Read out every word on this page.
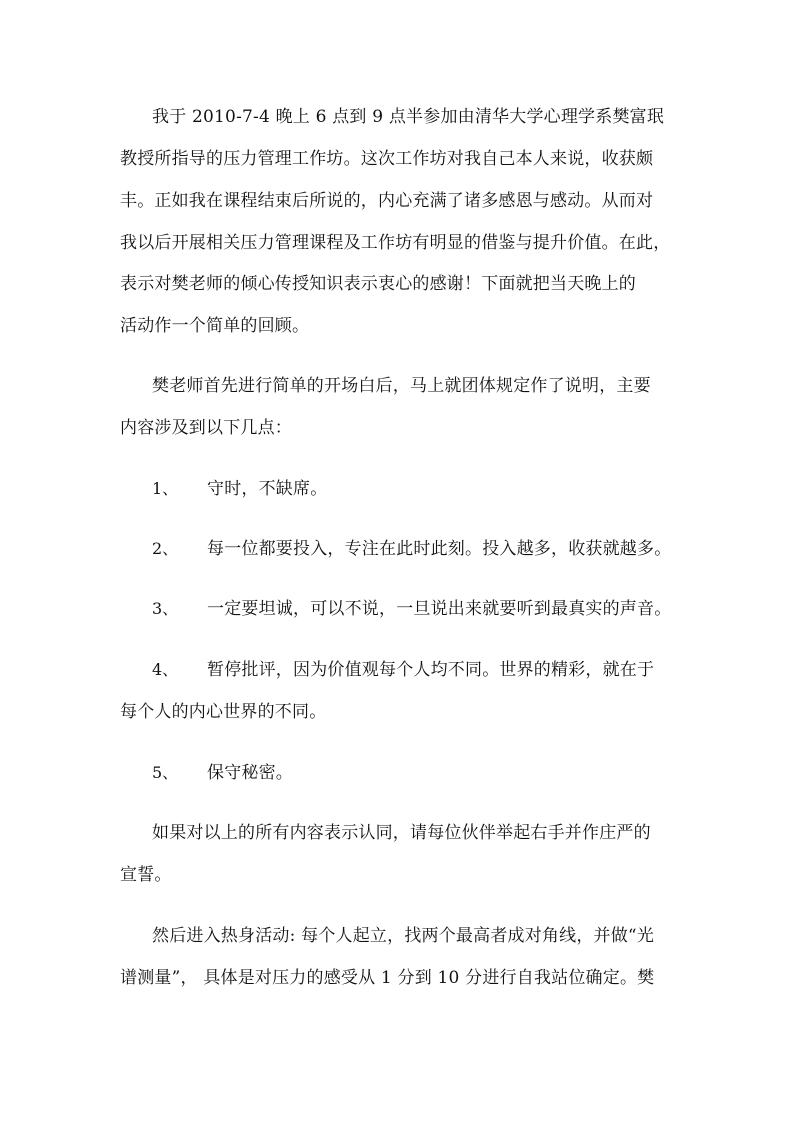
我于 2010-7-4 晚上 6 点到 9 点半参加由清华大学心理学系樊富珉
教授所指导的压力管理工作坊。这次工作坊对我自己本人来说，收获颇
丰。正如我在课程结束后所说的，内心充满了诸多感恩与感动。从而对
我以后开展相关压力管理课程及工作坊有明显的借鉴与提升价值。在此，
表示对樊老师的倾心传授知识表示衷心的感谢！下面就把当天晚上的
活动作一个简单的回顾。
樊老师首先进行简单的开场白后，马上就团体规定作了说明，主要
内容涉及到以下几点：
1、 守时，不缺席。
2、 每一位都要投入，专注在此时此刻。投入越多，收获就越多。
3、 一定要坦诚，可以不说，一旦说出来就要听到最真实的声音。
4、 暂停批评，因为价值观每个人均不同。世界的精彩，就在于
每个人的内心世界的不同。
5、 保守秘密。
如果对以上的所有内容表示认同，请每位伙伴举起右手并作庄严的
宣誓。
然后进入热身活动: 每个人起立，找两个最高者成对角线，并做“光
谱测量”， 具体是对压力的感受从 1 分到 10 分进行自我站位确定。樊
